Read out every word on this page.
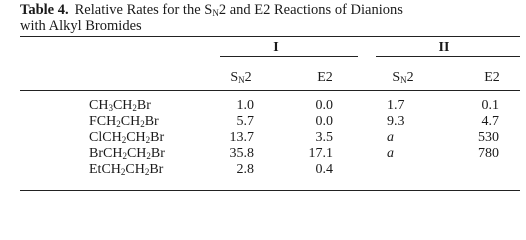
Table 4. Relative Rates for the $S_N2$ and E2 Reactions of Dianions
with Alkyl Bromides
I	II
$S_N2$	E2	$S_N2$	E2
$CH_3CH_2Br$	1.0	0.0	1.7	0.1
$FCH_2CH_2Br$	5.7	0.0	9.3	4.7
$ClCH_2CH_2Br$	13.7	3.5	a	530
$BrCH_2CH_2Br$	35.8	17.1	a	780
$EtCH_2CH_2Br$	2.8	0.4
